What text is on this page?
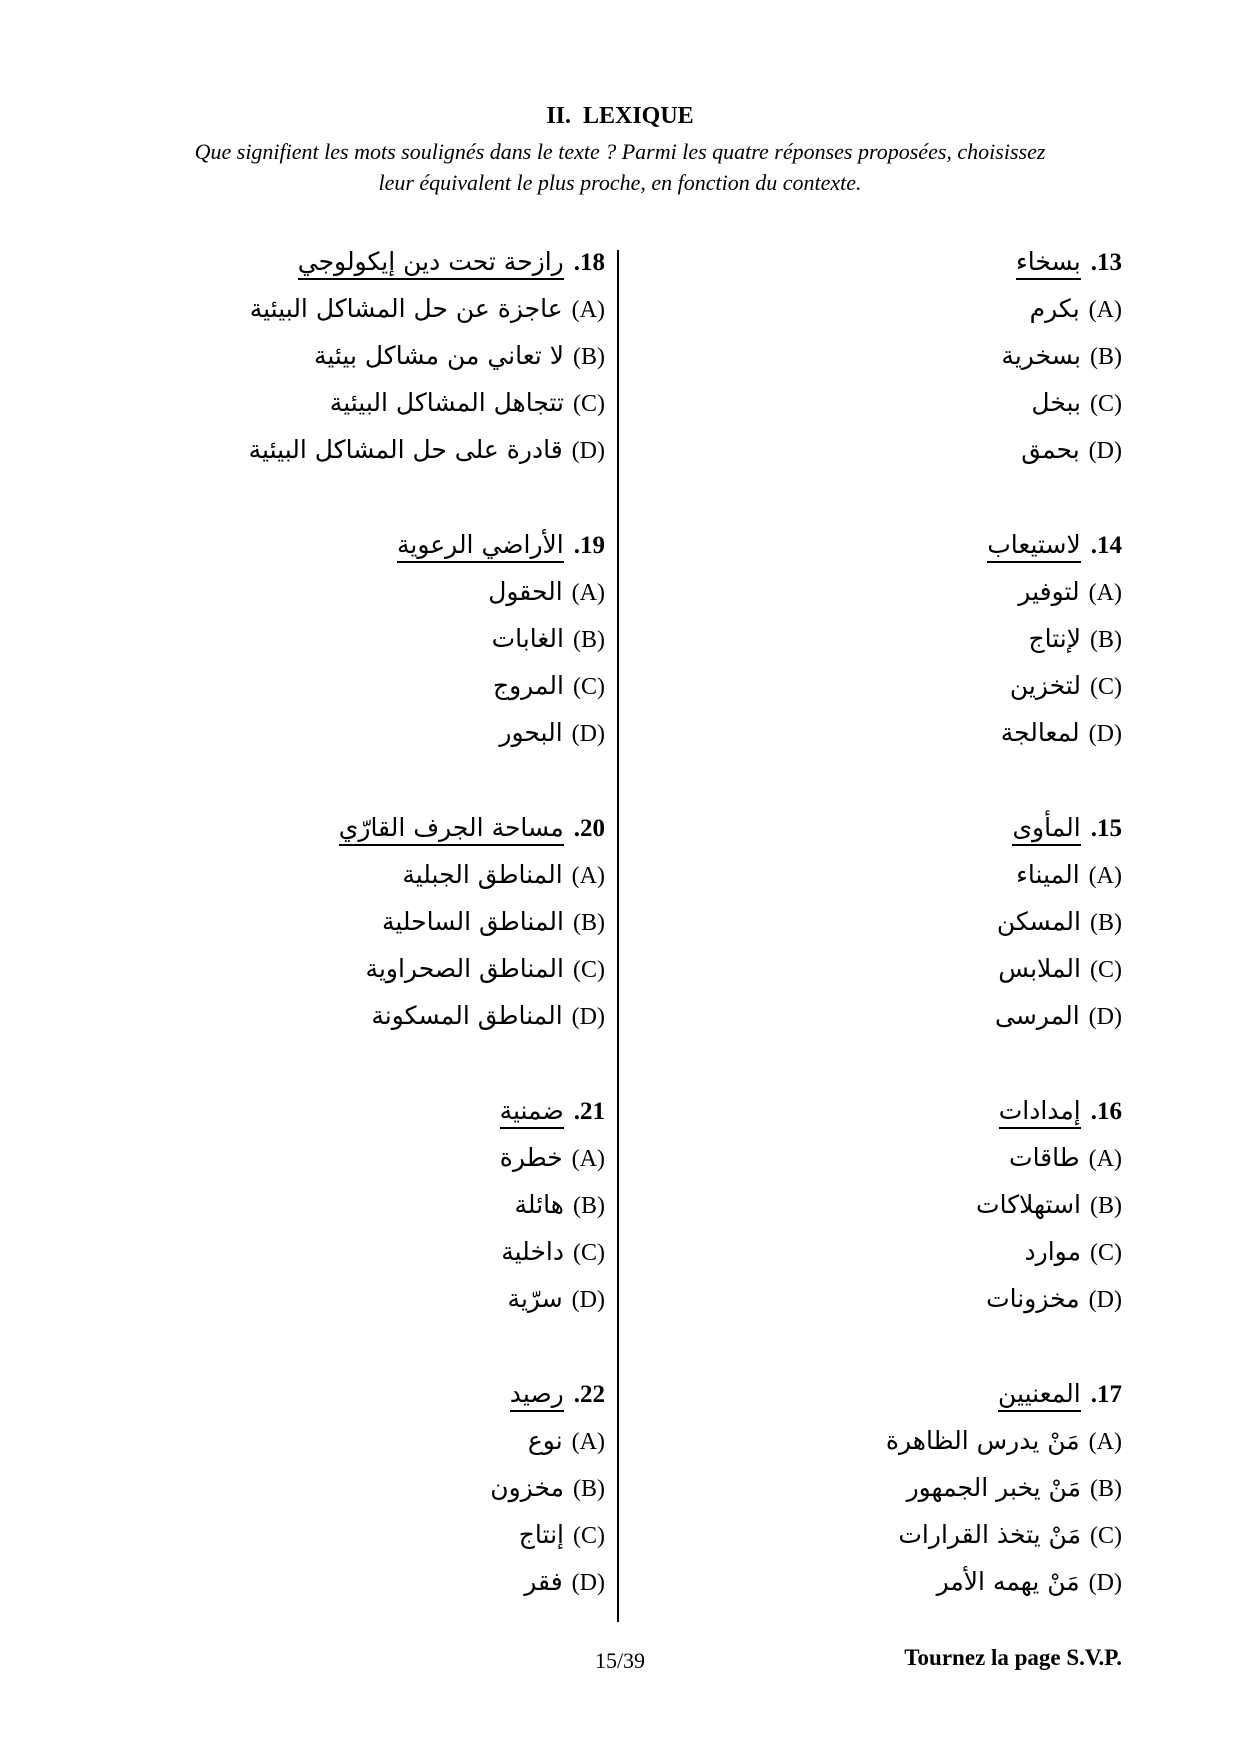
II. LEXIQUE
Que signifient les mots soulignés dans le texte ? Parmi les quatre réponses proposées, choisissez
leur équivalent le plus proche, en fonction du contexte.
18.رازحة تحت دين إيكولوجي
(A)عاجزة عن حل المشاكل البيئية
(B)لا تعاني من مشاكل بيئية
(C)تتجاهل المشاكل البيئية
(D)قادرة على حل المشاكل البيئية
19.الأراضي الرعوية
(A)الحقول
(B)الغابات
(C)المروج
(D)البحور
20.مساحة الجرف القارّي
(A)المناطق الجبلية
(B)المناطق الساحلية
(C)المناطق الصحراوية
(D)المناطق المسكونة
21.ضمنية
(A)خطرة
(B)هائلة
(C)داخلية
(D)سرّية
22.رصيد
(A)نوع
(B)مخزون
(C)إنتاج
(D)فقر
13.بسخاء
(A)بكرم
(B)بسخرية
(C)ببخل
(D)بحمق
14.لاستيعاب
(A)لتوفير
(B)لإنتاج
(C)لتخزين
(D)لمعالجة
15.المأوى
(A)الميناء
(B)المسكن
(C)الملابس
(D)المرسى
16.إمدادات
(A)طاقات
(B)استهلاكات
(C)موارد
(D)مخزونات
17.المعنيين
(A)مَنْ يدرس الظاهرة
(B)مَنْ يخبر الجمهور
(C)مَنْ يتخذ القرارات
(D)مَنْ يهمه الأمر
15/39	Tournez la page S.V.P.
